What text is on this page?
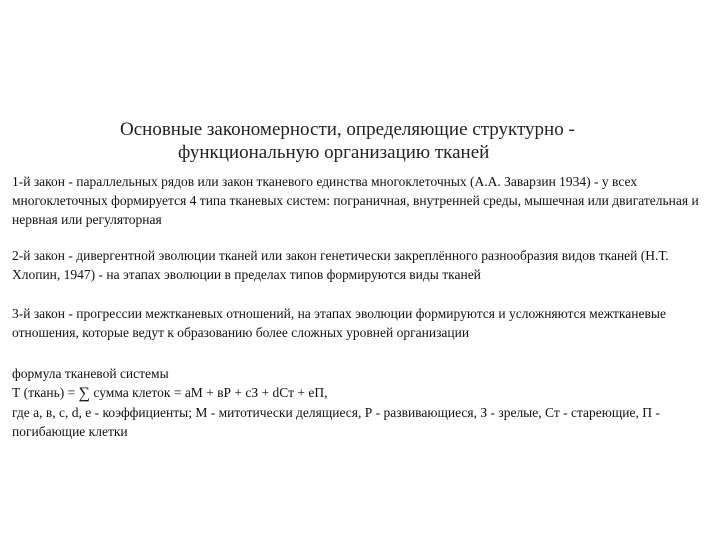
Основные закономерности, определяющие структурно -
функциональную организацию тканей

1-й закон - параллельных рядов или закон тканевого единства многоклеточных (А.А. Заварзин 1934) - у всех многоклеточных формируется 4 типа тканевых систем: пограничная, внутренней среды, мышечная или двигательная и нервная или регуляторная

2-й закон - дивергентной эволюции тканей или закон генетически закреплённого разнообразия видов тканей (Н.Т. Хлопин, 1947) - на этапах эволюции в пределах типов формируются виды тканей

3-й закон - прогрессии межтканевых отношений, на этапах эволюции формируются и усложняются межтканевые отношения, которые ведут к образованию более сложных уровней организации

формула тканевой системы

Т (ткань) = ∑ сумма клеток = аМ + вР + сЗ + dСт + еП,

где а, в, с, d, е - коэффициенты; М - митотически делящиеся, Р - развивающиеся, З - зрелые, Ст - стареющие, П - погибающие клетки
